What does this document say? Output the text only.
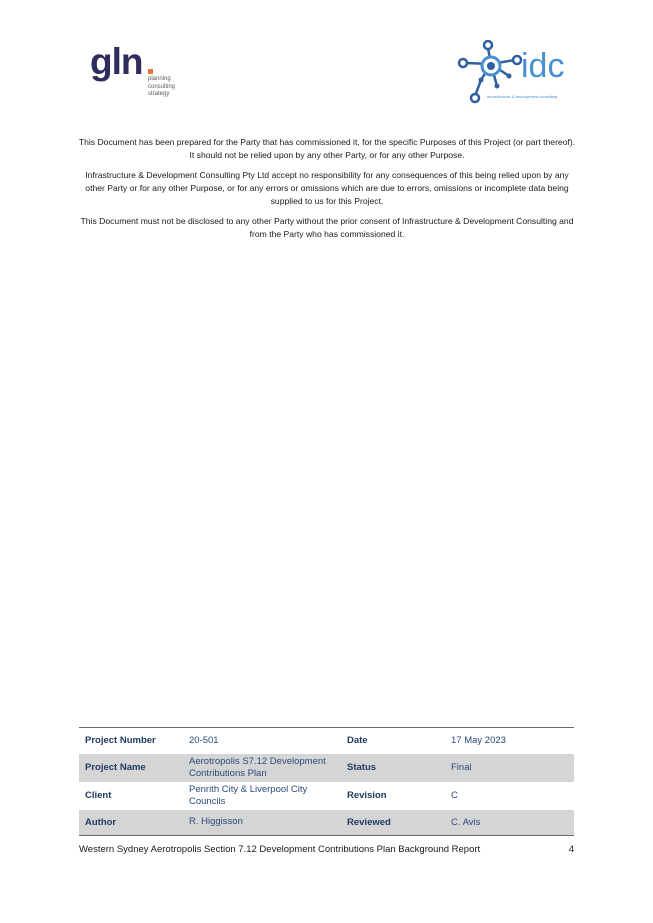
gln planning
consulting
strategy
idc
infrastructure & development consulting

This Document has been prepared for the Party that has commissioned it, for the specific Purposes of this Project (or part thereof). It should not be relied upon by any other Party, or for any other Purpose.

Infrastructure & Development Consulting Pty Ltd accept no responsibility for any consequences of this being relied upon by any other Party or for any other Purpose, or for any errors or omissions which are due to errors, omissions or incomplete data being supplied to us for this Project.

This Document must not be disclosed to any other Party without the prior consent of Infrastructure & Development Consulting and from the Party who has commissioned it.

Project Number	20-501	Date	17 May 2023
Project Name	Aerotropolis S7.12 Development Contributions Plan	Status	Final
Client	Penrith City & Liverpool City Councils	Revision	C
Author	R. Higgisson	Reviewed	C. Avis
Western Sydney Aerotropolis Section 7.12 Development Contributions Plan Background Report	4
